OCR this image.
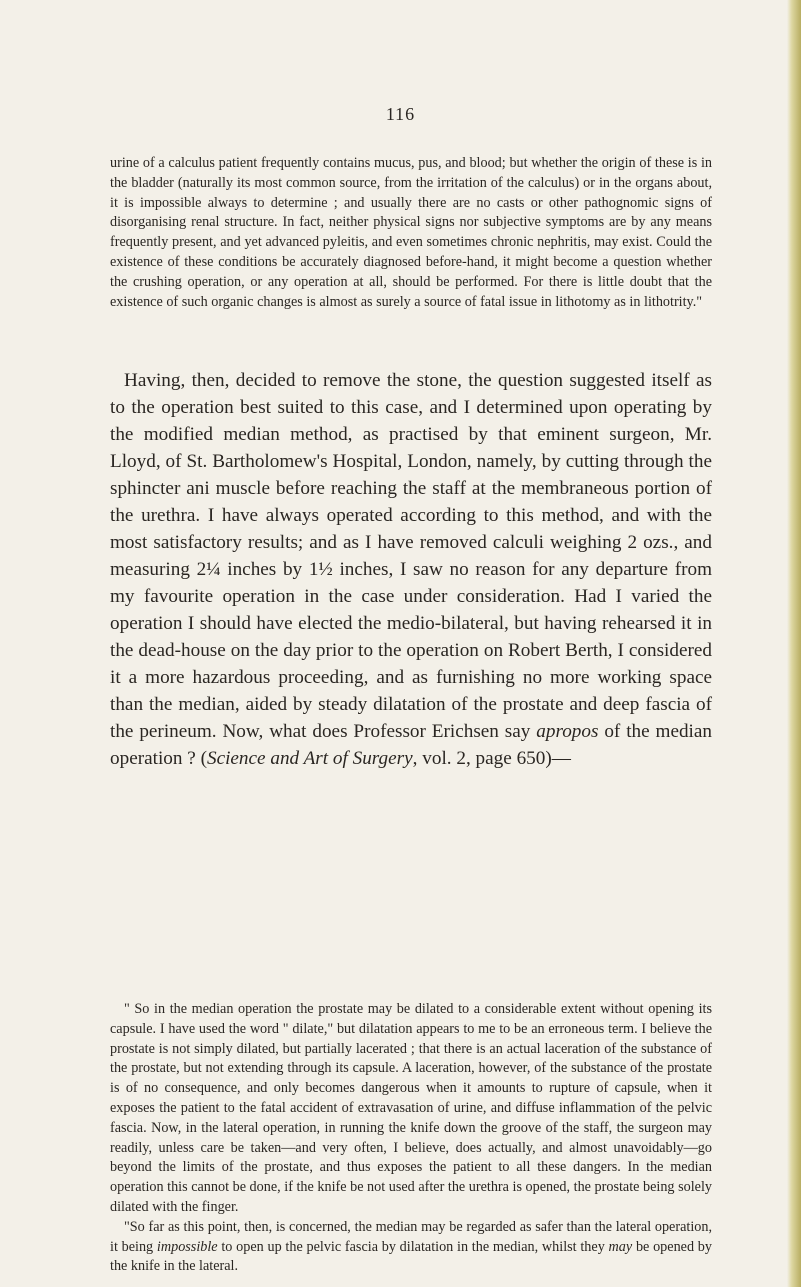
116

urine of a calculus patient frequently contains mucus, pus, and blood; but whether the origin of these is in the bladder (naturally its most common source, from the irritation of the calculus) or in the organs about, it is impossible always to determine ; and usually there are no casts or other pathognomic signs of disorganising renal structure. In fact, neither physical signs nor subjective symptoms are by any means frequently present, and yet advanced pyleitis, and even sometimes chronic nephritis, may exist. Could the existence of these conditions be accurately diagnosed before-hand, it might become a question whether the crushing operation, or any operation at all, should be performed. For there is little doubt that the existence of such organic changes is almost as surely a source of fatal issue in lithotomy as in lithotrity."

Having, then, decided to remove the stone, the question suggested itself as to the operation best suited to this case, and I determined upon operating by the modified median method, as practised by that eminent surgeon, Mr. Lloyd, of St. Bartholomew's Hospital, London, namely, by cutting through the sphincter ani muscle before reaching the staff at the membraneous portion of the urethra. I have always operated according to this method, and with the most satisfactory results; and as I have removed calculi weighing 2 ozs., and measuring 2¼ inches by 1½ inches, I saw no reason for any departure from my favourite operation in the case under consideration. Had I varied the operation I should have elected the medio-bilateral, but having rehearsed it in the dead-house on the day prior to the operation on Robert Berth, I considered it a more hazardous proceeding, and as furnishing no more working space than the median, aided by steady dilatation of the prostate and deep fascia of the perineum. Now, what does Professor Erichsen say apropos of the median operation ? (Science and Art of Surgery, vol. 2, page 650)—

" So in the median operation the prostate may be dilated to a considerable extent without opening its capsule. I have used the word " dilate," but dilatation appears to me to be an erroneous term. I believe the prostate is not simply dilated, but partially lacerated ; that there is an actual laceration of the substance of the prostate, but not extending through its capsule. A laceration, however, of the substance of the prostate is of no consequence, and only becomes dangerous when it amounts to rupture of capsule, when it exposes the patient to the fatal accident of extravasation of urine, and diffuse inflammation of the pelvic fascia. Now, in the lateral operation, in running the knife down the groove of the staff, the surgeon may readily, unless care be taken—and very often, I believe, does actually, and almost unavoidably—go beyond the limits of the prostate, and thus exposes the patient to all these dangers. In the median operation this cannot be done, if the knife be not used after the urethra is opened, the prostate being solely dilated with the finger.

"So far as this point, then, is concerned, the median may be regarded as safer than the lateral operation, it being impossible to open up the pelvic fascia by dilatation in the median, whilst they may be opened by the knife in the lateral.
